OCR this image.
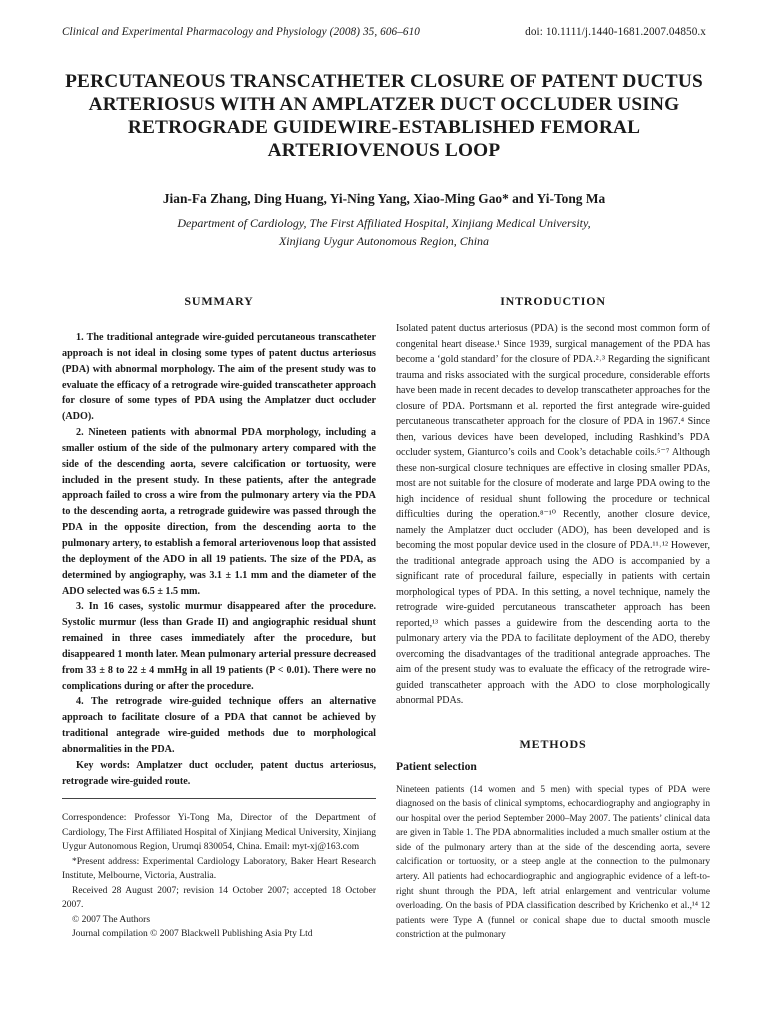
Clinical and Experimental Pharmacology and Physiology (2008) 35, 606–610	doi: 10.1111/j.1440-1681.2007.04850.x
PERCUTANEOUS TRANSCATHETER CLOSURE OF PATENT DUCTUS
ARTERIOSUS WITH AN AMPLATZER DUCT OCCLUDER USING
RETROGRADE GUIDEWIRE-ESTABLISHED FEMORAL
ARTERIOVENOUS LOOP
Jian-Fa Zhang, Ding Huang, Yi-Ning Yang, Xiao-Ming Gao* and Yi-Tong Ma
Department of Cardiology, The First Affiliated Hospital, Xinjiang Medical University,
Xinjiang Uygur Autonomous Region, China
SUMMARY

1. The traditional antegrade wire-guided percutaneous transcatheter approach is not ideal in closing some types of patent ductus arteriosus (PDA) with abnormal morphology. The aim of the present study was to evaluate the efficacy of a retrograde wire-guided transcatheter approach for closure of some types of PDA using the Amplatzer duct occluder (ADO).

2. Nineteen patients with abnormal PDA morphology, including a smaller ostium of the side of the pulmonary artery compared with the side of the descending aorta, severe calcification or tortuosity, were included in the present study. In these patients, after the antegrade approach failed to cross a wire from the pulmonary artery via the PDA to the descending aorta, a retrograde guidewire was passed through the PDA in the opposite direction, from the descending aorta to the pulmonary artery, to establish a femoral arteriovenous loop that assisted the deployment of the ADO in all 19 patients. The size of the PDA, as determined by angiography, was 3.1 ± 1.1 mm and the diameter of the ADO selected was 6.5 ± 1.5 mm.

3. In 16 cases, systolic murmur disappeared after the procedure. Systolic murmur (less than Grade II) and angiographic residual shunt remained in three cases immediately after the procedure, but disappeared 1 month later. Mean pulmonary arterial pressure decreased from 33 ± 8 to 22 ± 4 mmHg in all 19 patients (P < 0.01). There were no complications during or after the procedure.

4. The retrograde wire-guided technique offers an alternative approach to facilitate closure of a PDA that cannot be achieved by traditional antegrade wire-guided methods due to morphological abnormalities in the PDA.

Key words: Amplatzer duct occluder, patent ductus arteriosus, retrograde wire-guided route.

Correspondence: Professor Yi-Tong Ma, Director of the Department of Cardiology, The First Affiliated Hospital of Xinjiang Medical University, Xinjiang Uygur Autonomous Region, Urumqi 830054, China. Email: myt-xj@163.com

*Present address: Experimental Cardiology Laboratory, Baker Heart Research Institute, Melbourne, Victoria, Australia.

Received 28 August 2007; revision 14 October 2007; accepted 18 October 2007.

© 2007 The Authors

Journal compilation © 2007 Blackwell Publishing Asia Pty Ltd

INTRODUCTION

Isolated patent ductus arteriosus (PDA) is the second most common form of congenital heart disease.¹ Since 1939, surgical management of the PDA has become a ‘gold standard’ for the closure of PDA.²˒³ Regarding the significant trauma and risks associated with the surgical procedure, considerable efforts have been made in recent decades to develop transcatheter approaches for the closure of PDA. Portsmann et al. reported the first antegrade wire-guided percutaneous transcatheter approach for the closure of PDA in 1967.⁴ Since then, various devices have been developed, including Rashkind’s PDA occluder system, Gianturco’s coils and Cook’s detachable coils.⁵⁻⁷ Although these non-surgical closure techniques are effective in closing smaller PDAs, most are not suitable for the closure of moderate and large PDA owing to the high incidence of residual shunt following the procedure or technical difficulties during the operation.⁸⁻¹⁰ Recently, another closure device, namely the Amplatzer duct occluder (ADO), has been developed and is becoming the most popular device used in the closure of PDA.¹¹˒¹² However, the traditional antegrade approach using the ADO is accompanied by a significant rate of procedural failure, especially in patients with certain morphological types of PDA. In this setting, a novel technique, namely the retrograde wire-guided percutaneous transcatheter approach has been reported,¹³ which passes a guidewire from the descending aorta to the pulmonary artery via the PDA to facilitate deployment of the ADO, thereby overcoming the disadvantages of the traditional antegrade approaches. The aim of the present study was to evaluate the efficacy of the retrograde wire-guided transcatheter approach with the ADO to close morphologically abnormal PDAs.

METHODS
Patient selection

Nineteen patients (14 women and 5 men) with special types of PDA were diagnosed on the basis of clinical symptoms, echocardiography and angiography in our hospital over the period September 2000–May 2007. The patients’ clinical data are given in Table 1. The PDA abnormalities included a much smaller ostium at the side of the pulmonary artery than at the side of the descending aorta, severe calcification or tortuosity, or a steep angle at the connection to the pulmonary artery. All patients had echocardiographic and angiographic evidence of a left-to-right shunt through the PDA, left atrial enlargement and ventricular volume overloading. On the basis of PDA classification described by Krichenko et al.,¹⁴ 12 patients were Type A (funnel or conical shape due to ductal smooth muscle constriction at the pulmonary
